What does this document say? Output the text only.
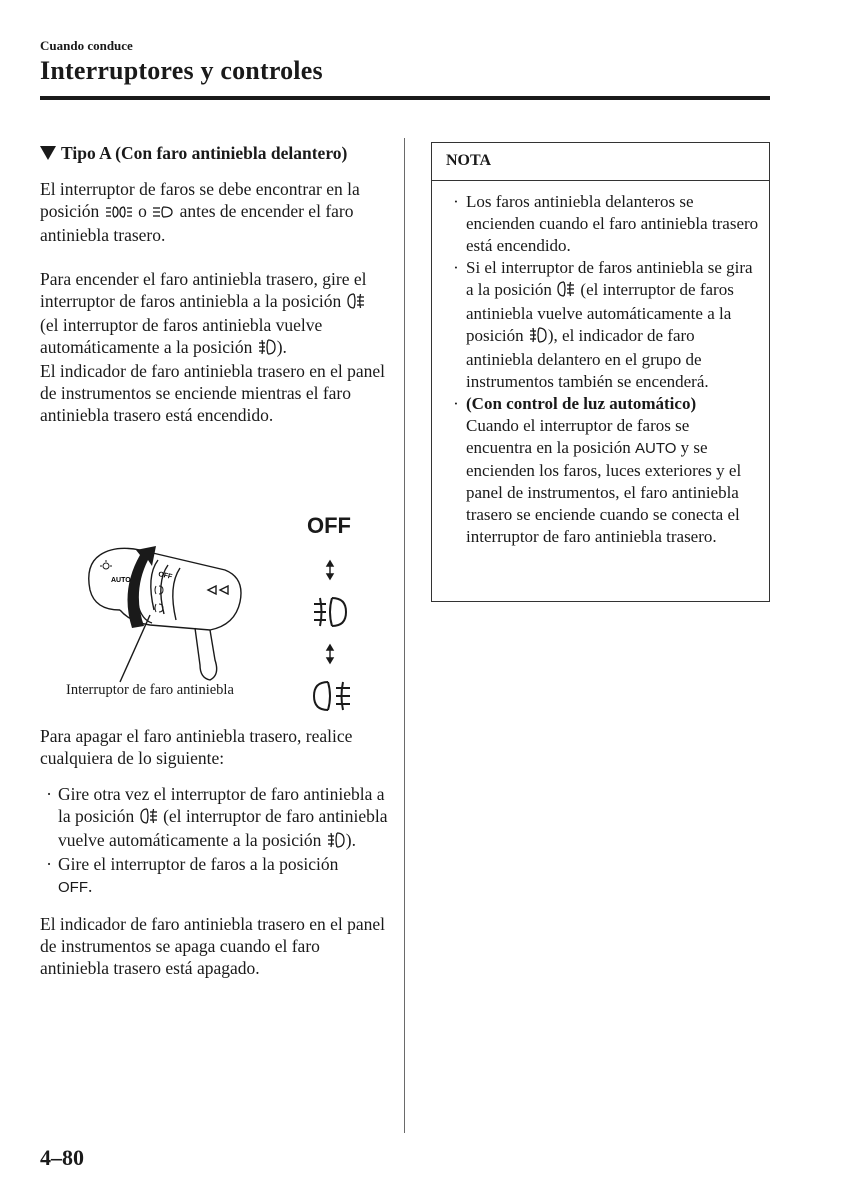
Cuando conduce
Interruptores y controles
Tipo A (Con faro antiniebla delantero)

El interruptor de faros se debe encontrar en la posición  o  antes de encender el faro antiniebla trasero.

Para encender el faro antiniebla trasero, gire el interruptor de faros antiniebla a la posición  (el interruptor de faros antiniebla vuelve automáticamente a la posición ).

El indicador de faro antiniebla trasero en el panel de instrumentos se enciende mientras el faro antiniebla trasero está encendido.

OFF
AUTO	OFF
Interruptor de faro antiniebla

Para apagar el faro antiniebla trasero, realice cualquiera de lo siguiente:

· Gire otra vez el interruptor de faro antiniebla a la posición  (el interruptor de faro antiniebla vuelve automáticamente a la posición ).
· Gire el interruptor de faros a la posición
OFF.

El indicador de faro antiniebla trasero en el panel de instrumentos se apaga cuando el faro antiniebla trasero está apagado.

NOTA
· Los faros antiniebla delanteros se encienden cuando el faro antiniebla trasero está encendido.
· Si el interruptor de faros antiniebla se gira a la posición  (el interruptor de faros antiniebla vuelve automáticamente a la posición ), el indicador de faro antiniebla delantero en el grupo de instrumentos también se encenderá.
· (Con control de luz automático)
Cuando el interruptor de faros se encuentra en la posición AUTO y se encienden los faros, luces exteriores y el panel de instrumentos, el faro antiniebla trasero se enciende cuando se conecta el interruptor de faro antiniebla trasero.
4–80
